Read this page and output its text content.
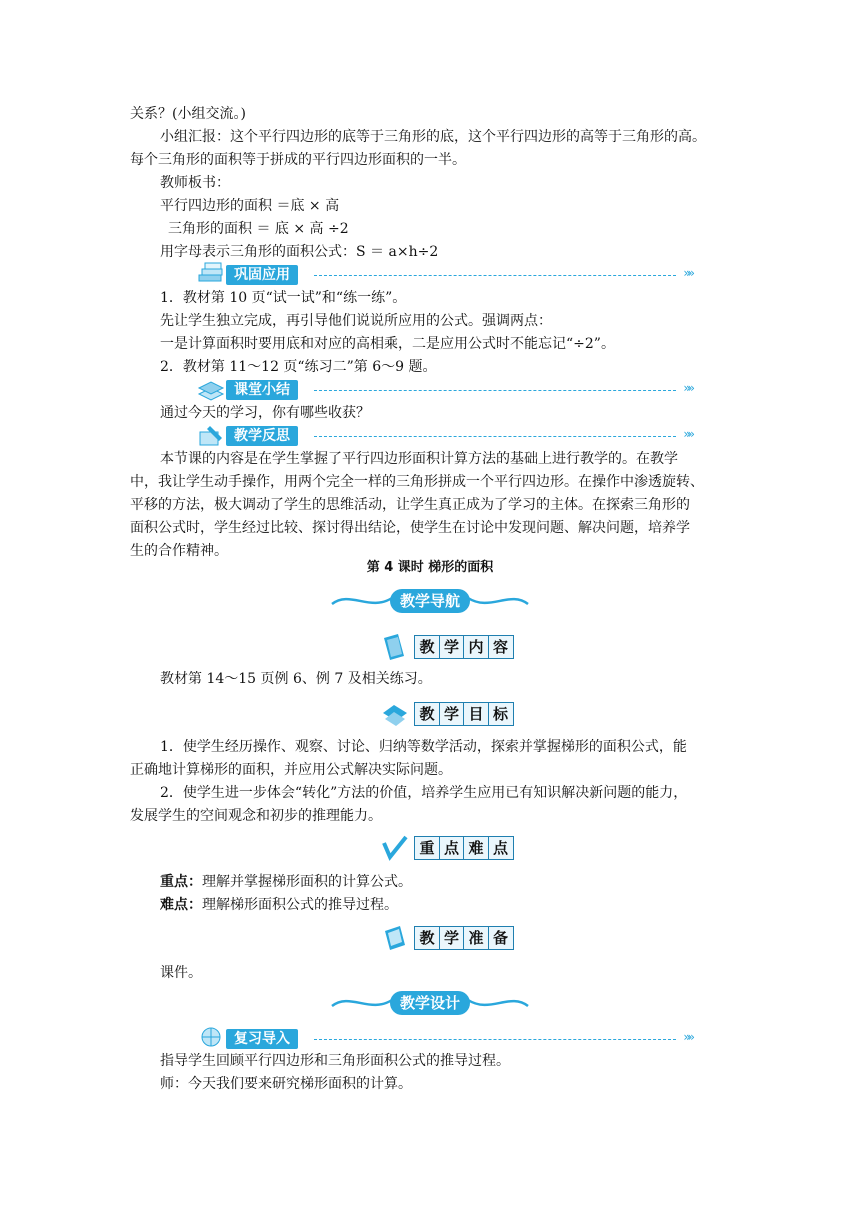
关系？(小组交流。)
小组汇报：这个平行四边形的底等于三角形的底，这个平行四边形的高等于三角形的高。
每个三角形的面积等于拼成的平行四边形面积的一半。
教师板书：
平行四边形的面积 ＝底 × 高
三角形的面积 ＝ 底 × 高 ÷2
用字母表示三角形的面积公式：S ＝ a×h÷2
巩固应用	»»
1．教材第 10 页“试一试”和“练一练”。
先让学生独立完成，再引导他们说说所应用的公式。强调两点：
一是计算面积时要用底和对应的高相乘，二是应用公式时不能忘记“÷2”。
2．教材第 11～12 页“练习二”第 6～9 题。
课堂小结	»»
通过今天的学习，你有哪些收获？
教学反思	»»
本节课的内容是在学生掌握了平行四边形面积计算方法的基础上进行教学的。在教学
中，我让学生动手操作，用两个完全一样的三角形拼成一个平行四边形。在操作中渗透旋转、
平移的方法，极大调动了学生的思维活动，让学生真正成为了学习的主体。在探索三角形的
面积公式时，学生经过比较、探讨得出结论，使学生在讨论中发现问题、解决问题，培养学
生的合作精神。
第 4 课时 梯形的面积
教学导航
教 学 内 容
教材第 14～15 页例 6、例 7 及相关练习。
教 学 目 标
1．使学生经历操作、观察、讨论、归纳等数学活动，探索并掌握梯形的面积公式，能
正确地计算梯形的面积，并应用公式解决实际问题。
2．使学生进一步体会“转化”方法的价值，培养学生应用已有知识解决新问题的能力，
发展学生的空间观念和初步的推理能力。
重 点 难 点
重点：理解并掌握梯形面积的计算公式。
难点：理解梯形面积公式的推导过程。
教 学 准 备
课件。
教学设计
复习导入	»»
指导学生回顾平行四边形和三角形面积公式的推导过程。
师：今天我们要来研究梯形面积的计算。
